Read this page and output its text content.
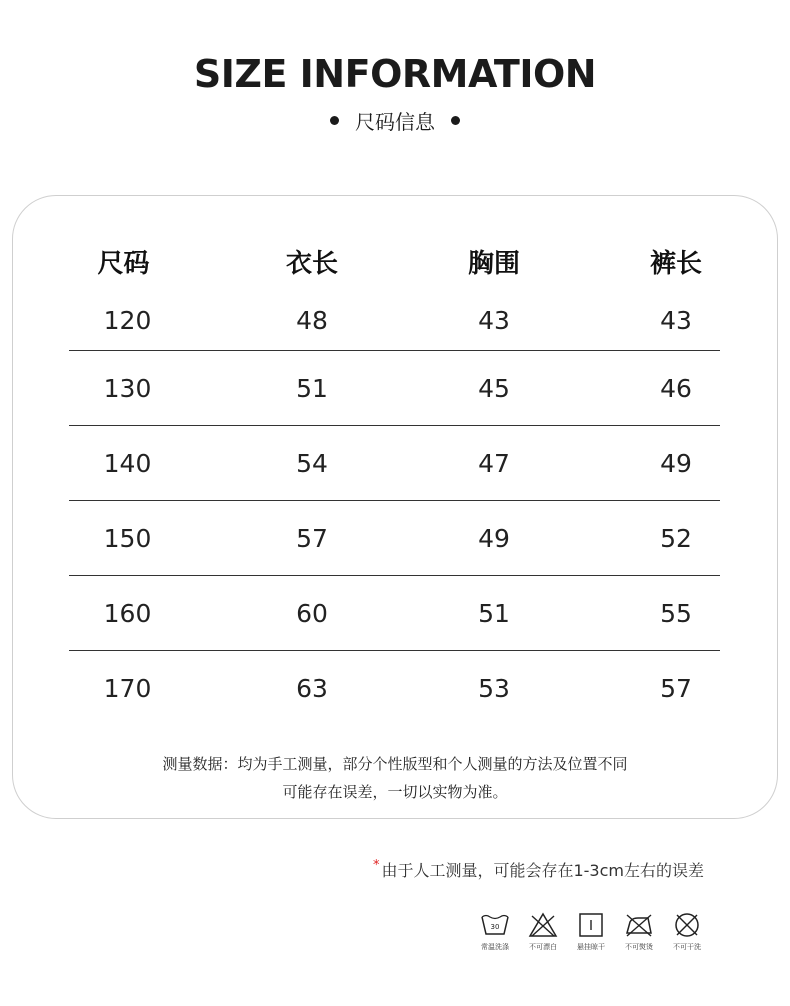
SIZE INFORMATION
尺码信息
尺码	衣长	胸围	裤长
120	48	43	43
130	51	45	46
140	54	47	49
150	57	49	52
160	60	51	55
170	63	53	57
测量数据：均为手工测量，部分个性版型和个人测量的方法及位置不同
可能存在误差，一切以实物为准。
* 由于人工测量，可能会存在1-3cm左右的误差
30
常温洗涤	不可漂白	悬挂晾干	不可熨烫	不可干洗
